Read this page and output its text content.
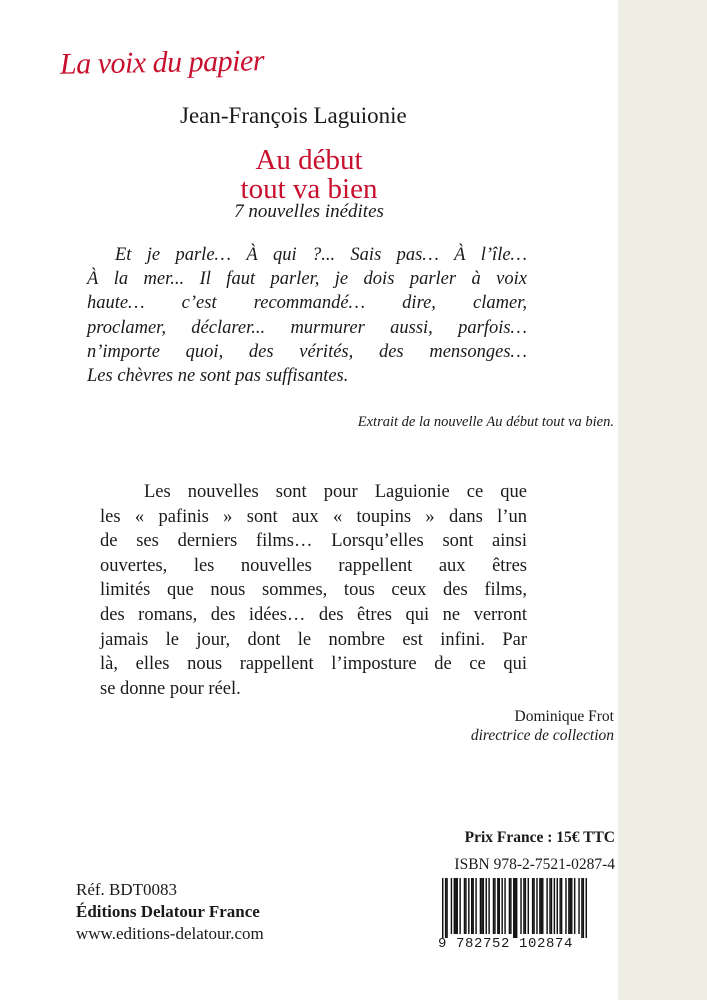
La voix du papier
Jean-François Laguionie
Au début
tout va bien
7 nouvelles inédites
Et je parle… À qui ?... Sais pas… À l’île…
À la mer... Il faut parler, je dois parler à voix
haute… c’est recommandé… dire, clamer,
proclamer, déclarer... murmurer aussi, parfois…
n’importe quoi, des vérités, des mensonges…
Les chèvres ne sont pas suffisantes.
Extrait de la nouvelle Au début tout va bien.
Les nouvelles sont pour Laguionie ce que
les « pafinis » sont aux « toupins » dans l’un
de ses derniers films… Lorsqu’elles sont ainsi
ouvertes, les nouvelles rappellent aux êtres
limités que nous sommes, tous ceux des films,
des romans, des idées… des êtres qui ne verront
jamais le jour, dont le nombre est infini. Par
là, elles nous rappellent l’imposture de ce qui
se donne pour réel.
Dominique Frot
directrice de collection
Prix France : 15€ TTC
ISBN 978-2-7521-0287-4
Réf. BDT0083
Éditions Delatour France
www.editions-delatour.com
9 782752 102874
